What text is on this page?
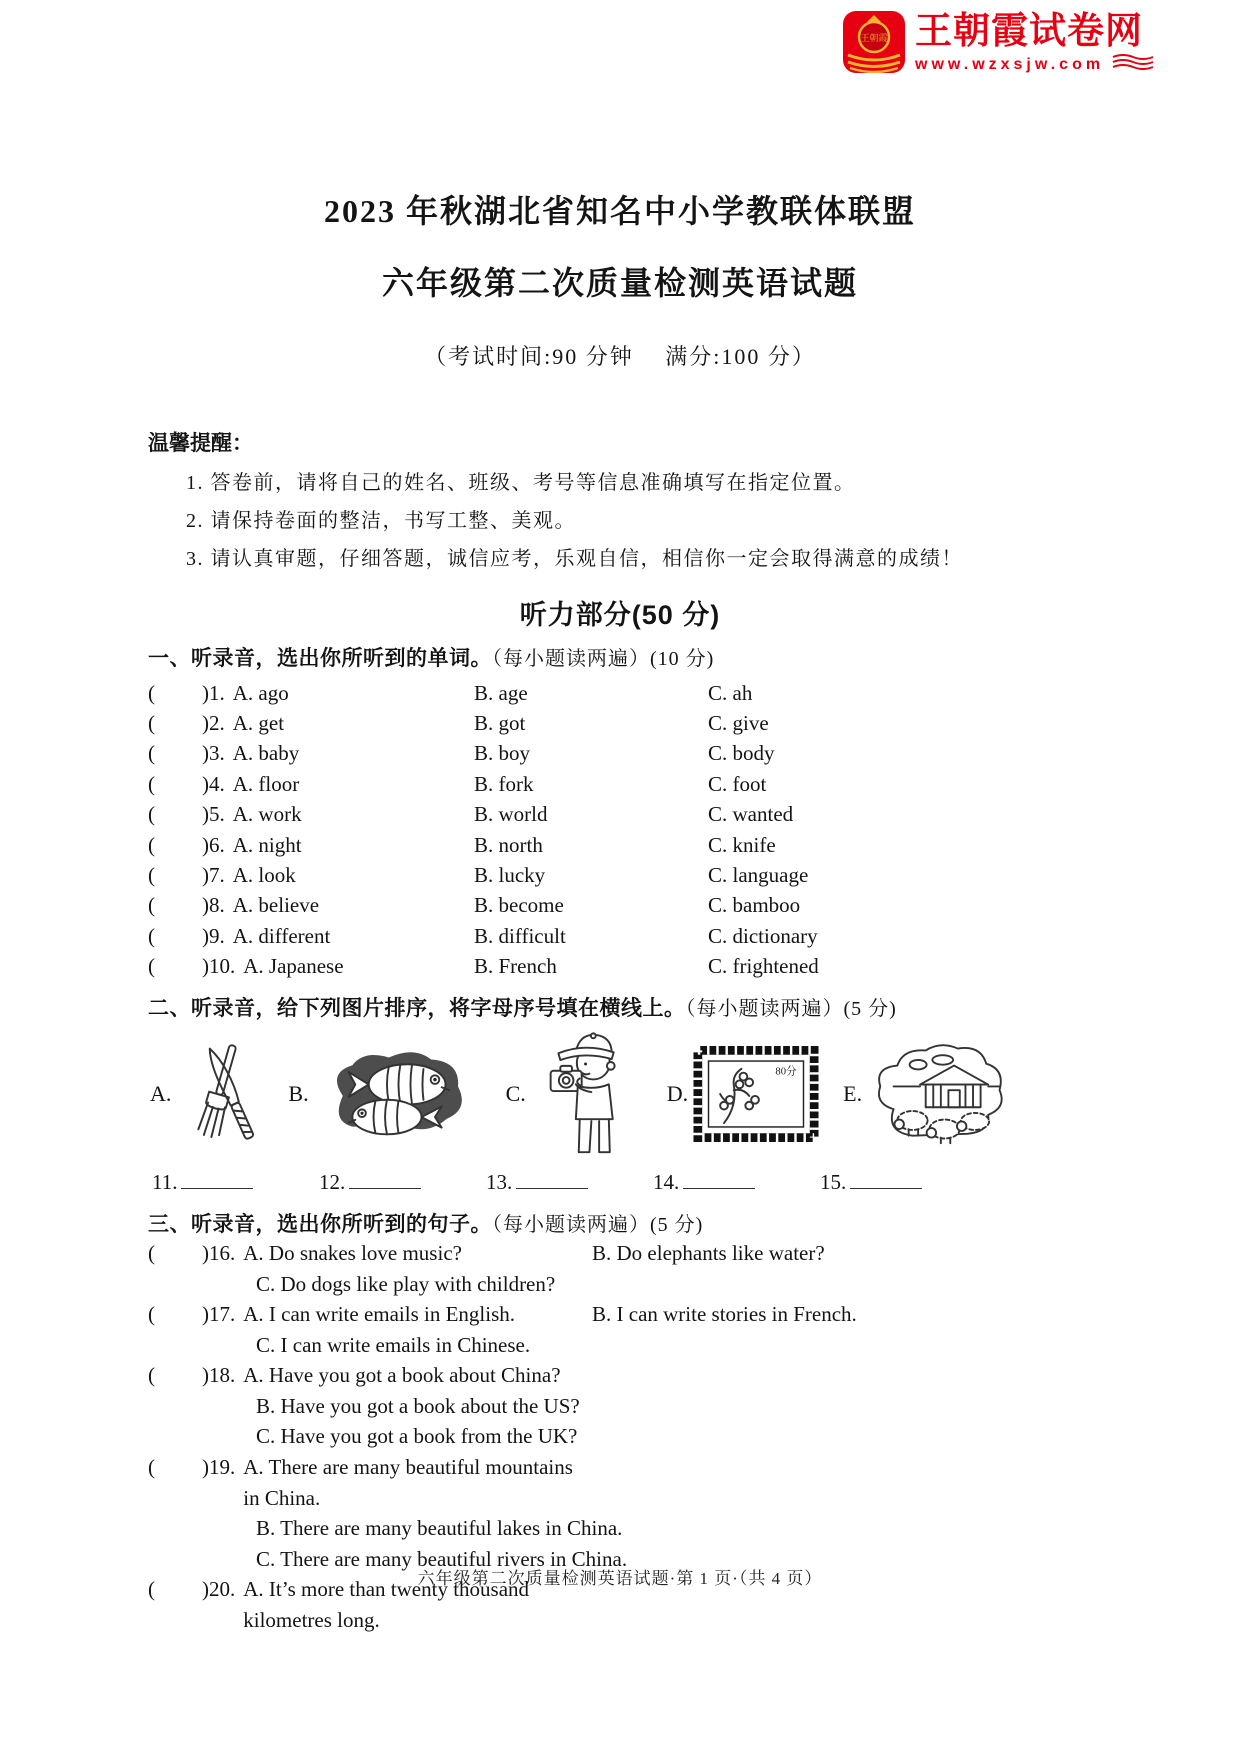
王朝霞 王朝霞试卷网
www.wzxsjw.com
2023 年秋湖北省知名中小学教联体联盟
六年级第二次质量检测英语试题
（考试时间:90 分钟　 满分:100 分）
温馨提醒：
1. 答卷前，请将自己的姓名、班级、考号等信息准确填写在指定位置。
2. 请保持卷面的整洁，书写工整、美观。
3. 请认真审题，仔细答题，诚信应考，乐观自信，相信你一定会取得满意的成绩！
听力部分(50 分)
一、听录音，选出你所听到的单词。（每小题读两遍）(10 分)
(	)1. A. ago	B. age	C. ah
(	)2. A. get	B. got	C. give
(	)3. A. baby	B. boy	C. body
(	)4. A. floor	B. fork	C. foot
(	)5. A. work	B. world	C. wanted
(	)6. A. night	B. north	C. knife
(	)7. A. look	B. lucky	C. language
(	)8. A. believe	B. become	C. bamboo
(	)9. A. different	B. difficult	C. dictionary
(	)10. A. Japanese	B. French	C. frightened
二、听录音，给下列图片排序，将字母序号填在横线上。（每小题读两遍）(5 分)
A.	B.	C.	D.
80分
E.
11.	12.	13.	14.	15.
三、听录音，选出你所听到的句子。（每小题读两遍）(5 分)
(	)16. A. Do snakes love music?	B. Do elephants like water?
C. Do dogs like play with children?
(	)17. A. I can write emails in English.	B. I can write stories in French.
C. I can write emails in Chinese.
(	)18. A. Have you got a book about China?
B. Have you got a book about the US?
C. Have you got a book from the UK?
(	)19. A. There are many beautiful mountains in China.
B. There are many beautiful lakes in China.
C. There are many beautiful rivers in China.
(	)20. A. It’s more than twenty thousand kilometres long.
六年级第二次质量检测英语试题·第 1 页·（共 4 页）
